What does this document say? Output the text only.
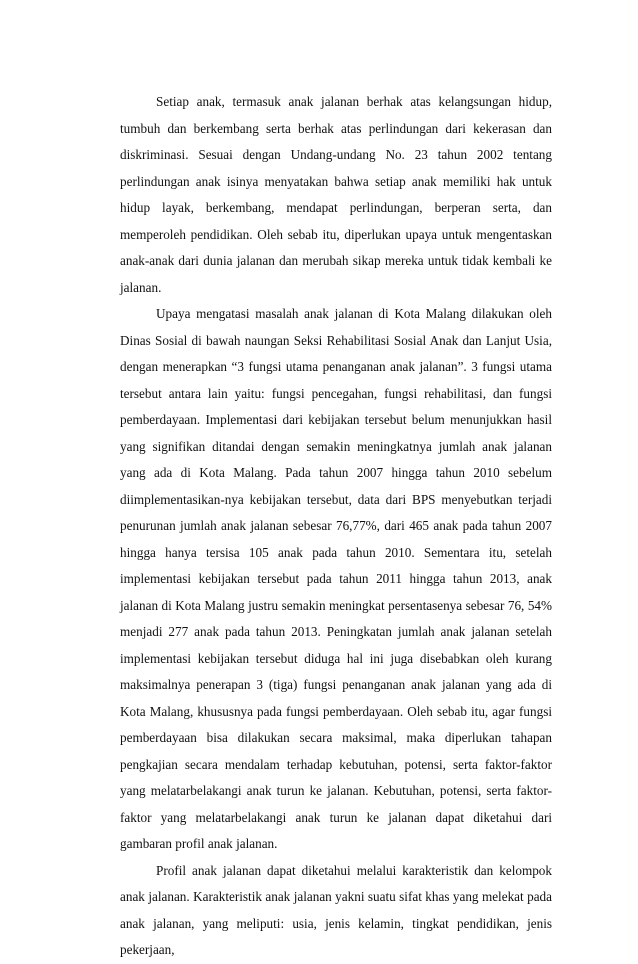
Setiap anak, termasuk anak jalanan berhak atas kelangsungan hidup, tumbuh dan berkembang serta berhak atas perlindungan dari kekerasan dan diskriminasi. Sesuai dengan Undang-undang No. 23 tahun 2002 tentang perlindungan anak isinya menyatakan bahwa setiap anak memiliki hak untuk hidup layak, berkembang, mendapat perlindungan, berperan serta, dan memperoleh pendidikan. Oleh sebab itu, diperlukan upaya untuk mengentaskan anak-anak dari dunia jalanan dan merubah sikap mereka untuk tidak kembali ke jalanan.

Upaya mengatasi masalah anak jalanan di Kota Malang dilakukan oleh Dinas Sosial di bawah naungan Seksi Rehabilitasi Sosial Anak dan Lanjut Usia, dengan menerapkan “3 fungsi utama penanganan anak jalanan”. 3 fungsi utama tersebut antara lain yaitu: fungsi pencegahan, fungsi rehabilitasi, dan fungsi pemberdayaan. Implementasi dari kebijakan tersebut belum menunjukkan hasil yang signifikan ditandai dengan semakin meningkatnya jumlah anak jalanan yang ada di Kota Malang. Pada tahun 2007 hingga tahun 2010 sebelum diimplementasikan-nya kebijakan tersebut, data dari BPS menyebutkan terjadi penurunan jumlah anak jalanan sebesar 76,77%, dari 465 anak pada tahun 2007 hingga hanya tersisa 105 anak pada tahun 2010. Sementara itu, setelah implementasi kebijakan tersebut pada tahun 2011 hingga tahun 2013, anak jalanan di Kota Malang justru semakin meningkat persentasenya sebesar 76, 54% menjadi 277 anak pada tahun 2013. Peningkatan jumlah anak jalanan setelah implementasi kebijakan tersebut diduga hal ini juga disebabkan oleh kurang maksimalnya penerapan 3 (tiga) fungsi penanganan anak jalanan yang ada di Kota Malang, khususnya pada fungsi pemberdayaan. Oleh sebab itu, agar fungsi pemberdayaan bisa dilakukan secara maksimal, maka diperlukan tahapan pengkajian secara mendalam terhadap kebutuhan, potensi, serta faktor-faktor yang melatarbelakangi anak turun ke jalanan. Kebutuhan, potensi, serta faktor-faktor yang melatarbelakangi anak turun ke jalanan dapat diketahui dari gambaran profil anak jalanan.

Profil anak jalanan dapat diketahui melalui karakteristik dan kelompok anak jalanan. Karakteristik anak jalanan yakni suatu sifat khas yang melekat pada anak jalanan, yang meliputi: usia, jenis kelamin, tingkat pendidikan, jenis pekerjaan,
